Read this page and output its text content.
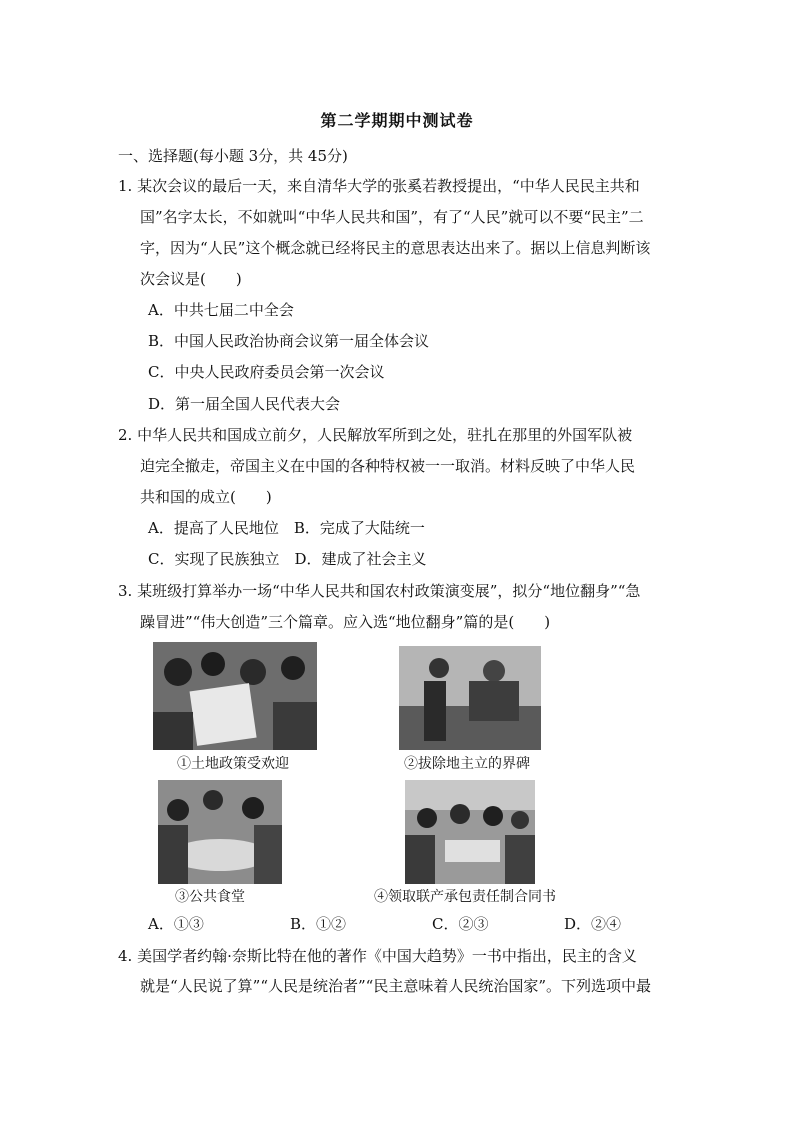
第二学期期中测试卷
一、选择题(每小题 3分，共 45分)
1. 某次会议的最后一天，来自清华大学的张奚若教授提出，“中华人民民主共和
国”名字太长，不如就叫“中华人民共和国”，有了“人民”就可以不要“民主”二
字，因为“人民”这个概念就已经将民主的意思表达出来了。据以上信息判断该
次会议是(　　)
A．中共七届二中全会
B．中国人民政治协商会议第一届全体会议
C．中央人民政府委员会第一次会议
D．第一届全国人民代表大会
2. 中华人民共和国成立前夕，人民解放军所到之处，驻扎在那里的外国军队被
迫完全撤走，帝国主义在中国的各种特权被一一取消。材料反映了中华人民
共和国的成立(　　)
A．提高了人民地位　B．完成了大陆统一
C．实现了民族独立　D．建成了社会主义
3. 某班级打算举办一场“中华人民共和国农村政策演变展”，拟分“地位翻身”“急
躁冒进”“伟大创造”三个篇章。应入选“地位翻身”篇的是(　　)
①土地政策受欢迎	②拔除地主立的界碑
③公共食堂	④领取联产承包责任制合同书
A．①③	B．①②	C．②③	D．②④
4. 美国学者约翰·奈斯比特在他的著作《中国大趋势》一书中指出，民主的含义
就是“人民说了算”“人民是统治者”“民主意味着人民统治国家”。下列选项中最
